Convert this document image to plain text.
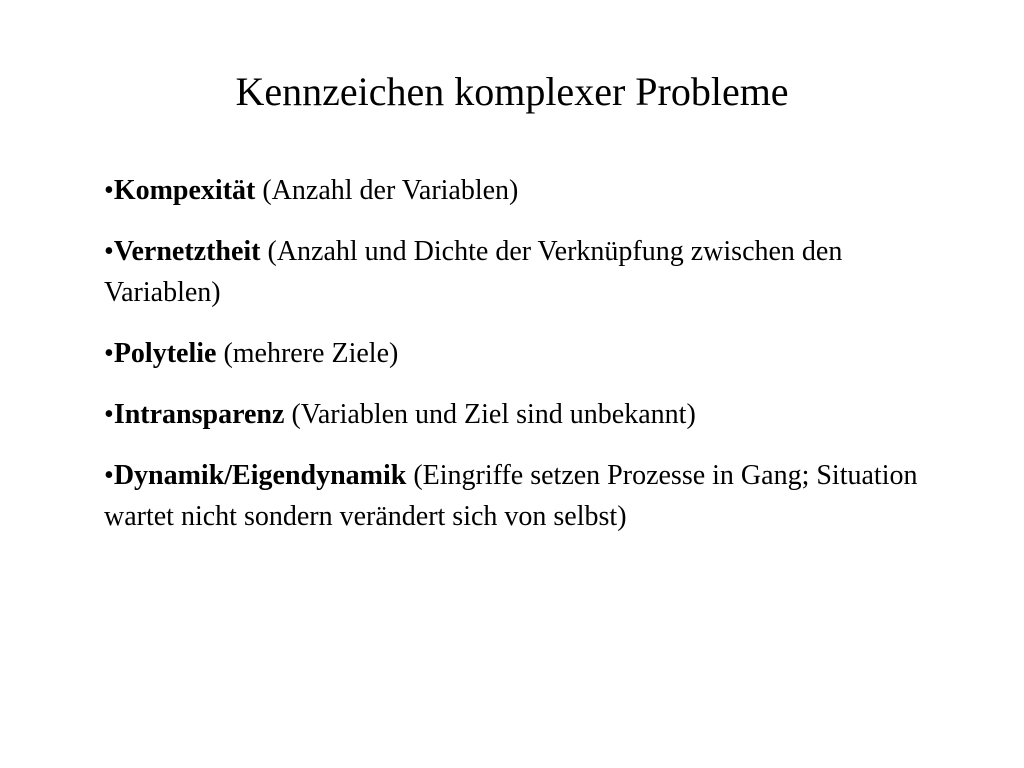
Kennzeichen komplexer Probleme
•Kompexität (Anzahl der Variablen)
•Vernetztheit (Anzahl und Dichte der Verknüpfung zwischen den Variablen)
•Polytelie (mehrere Ziele)
•Intransparenz (Variablen und Ziel sind unbekannt)
•Dynamik/Eigendynamik (Eingriffe setzen Prozesse in Gang; Situation wartet nicht sondern verändert sich von selbst)
